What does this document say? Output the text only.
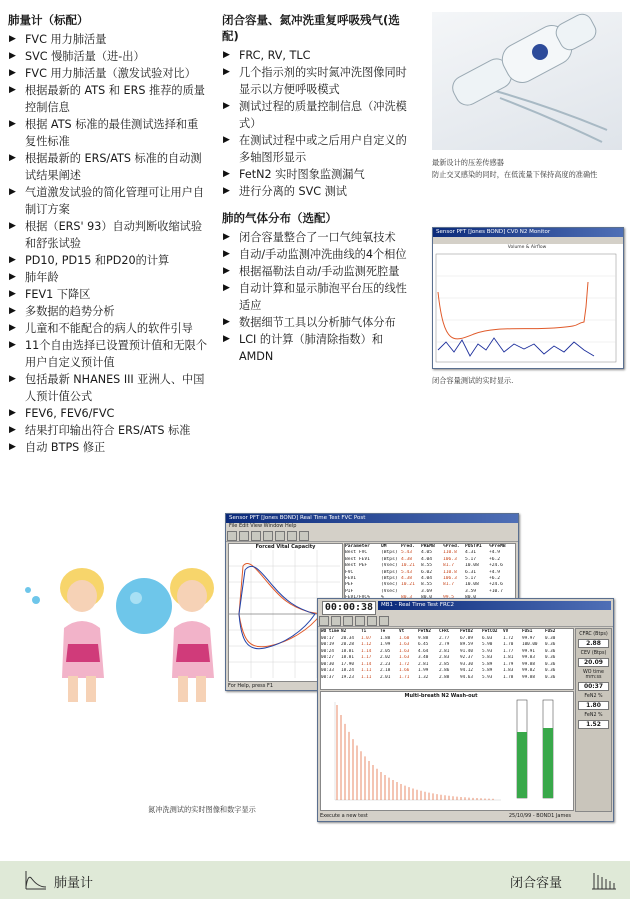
肺量计（标配）
▶ FVC 用力肺活量
▶ SVC 慢肺活量（进-出）
▶ FVC 用力肺活量（激发试验对比）
▶ 根据最新的 ATS 和 ERS 推荐的质量控制信息
▶ 根据 ATS 标准的最佳测试选择和重复性标准
▶ 根据最新的 ERS/ATS 标准的自动测试结果阐述
▶ 气道激发试验的简化管理可让用户自制订方案
▶ 根据（ERS' 93）自动判断收缩试验和舒张试验
▶ PD10, PD15 和PD20的计算
▶ 肺年龄
▶ FEV1 下降区
▶ 多数据的趋势分析
▶ 儿童和不能配合的病人的软件引导
▶ 11个自由选择已设置预计值和无限个用户自定义预计值
▶ 包括最新 NHANES III 亚洲人、中国人预计值公式
▶ FEV6, FEV6/FVC
▶ 结果打印输出符合 ERS/ATS 标准
▶ 自动 BTPS 修正
闭合容量、氮冲洗重复呼吸残气(选配)
▶ FRC, RV, TLC
▶ 几个指示剂的实时氮冲洗图像同时显示以方便呼吸模式
▶ 测试过程的质量控制信息（冲洗模式）
▶ 在测试过程中或之后用户自定义的多轴图形显示
▶ FetN2 实时图象监测漏气
▶ 进行分离的 SVC 测试
肺的气体分布（选配）
▶ 闭合容量整合了一口气纯氧技术
▶ 自动/手动监测冲洗曲线的4个相位
▶ 根据福勒法自动/手动监测死腔量
▶ 自动计算和显示肺泡平台压的线性适应
▶ 数据细节工具以分析肺气体分布
▶ LCI 的计算（肺清除指数）和 AMDN
最新设计的压差传感器
防止交叉感染的同时，在低流量下保持高度的准确性
Sensor PFT [Jones BOND] CV0 N2 Monitor
Volume & Airflow
闭合容量测试的实时显示.
Sensor PFT [Jones BOND] Real Time Test FVC Post
File Edit View Window Help
Forced Vital Capacity	Parameter	UM	Pred.	PREMB	%Pred.	POST#1	%PreMB
Best FVC	(Btps) 5.43	4.05	110.8	4.31	+4.9
Best FEV1	(Btps) 4.38	4.04	106.3	5.17	+6.2
Best PEF	(Vsec) 10.21	8.55	81.7	10.08	+24.6
FVC	(Btps) 5.43	6.02	110.8	6.31	+4.9
FEV1	(Btps) 4.38	4.04	106.3	5.17	+6.2
PEF	(Vsec) 10.21	8.55	81.7	10.08	+24.6
PIF	(Vsec)	3.69	3.59	+10.7
For Help, press F1
00:00:38	MB1 - Real Time Test FRC2
WO time N2	Ti	Te	Vt	PetN2	CFRC	PetO2	PetCO2	VV	FUS1	FUS2
00:17	20.34	1.07	1.88	1.60	9.88	2.77	67.89	6.03	1.72	99.97	0.30
00:19	20.28	1.12	1.99	1.63	6.45	2.79	89.59	5.90	1.70	100.00	0.36
00:24	18.81	1.14	2.05	1.63	4.64	2.81	91.40	5.93	1.77	99.91	0.36
00:27	18.81	1.17	2.02	1.63	3.40	2.83	92.37	5.83	1.81	99.83	0.36
00:30	17.90	1.14	2.23	1.72	2.81	2.85	93.30	5.89	1.79	99.88	0.36
00:33	18.24	1.11	2.18	1.66	1.99	2.86	94.12	5.89	1.83	99.82	0.36
00:37	19.23	1.11	2.01	1.71	1.32	2.88	94.63	5.93	1.78	99.88	0.36
CFRC (Btps)
2.88
CEV (Btps)
20.09
WO time mm:ss
00:37
FeN2 %
1.80
FeN2 %
1.52
Multi-breath N2 Wash-out
Execute a new test	25/10/99 - BOND1 James
氮冲洗测试的实时图像和数字显示
肺量计	闭合容量
